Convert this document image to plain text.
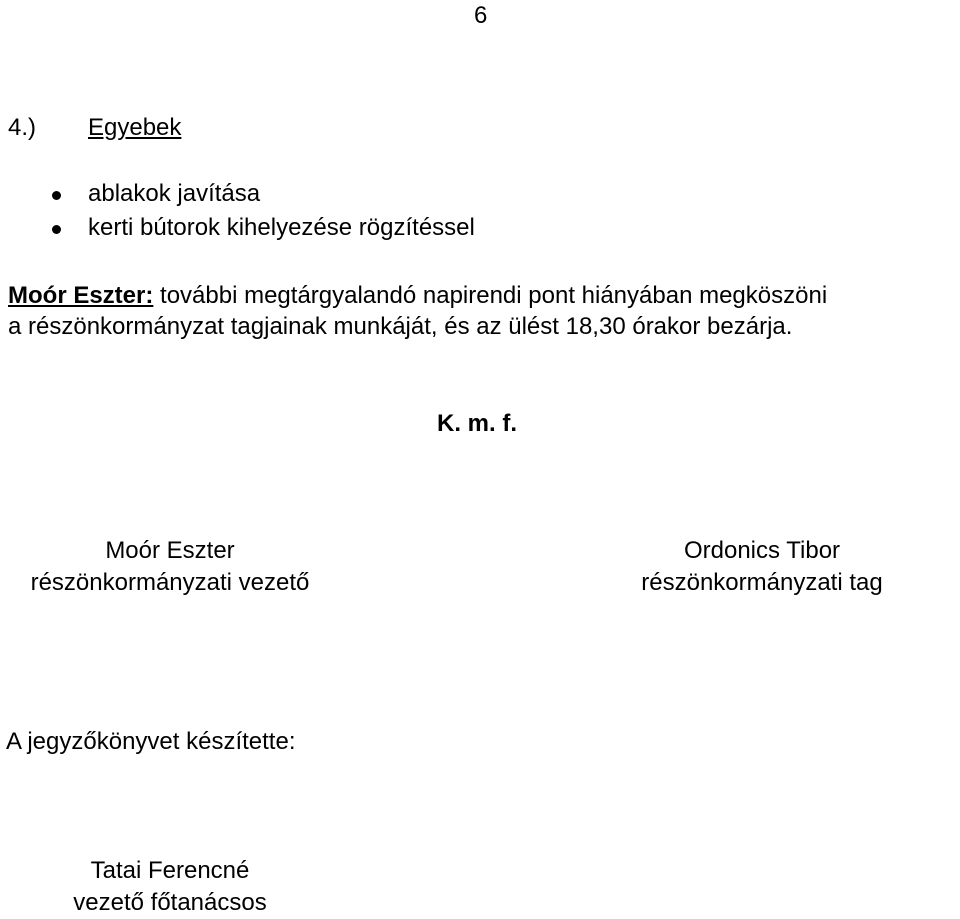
6
4.) Egyebek
ablakok javítása
kerti bútorok kihelyezése rögzítéssel
Moór Eszter: további megtárgyalandó napirendi pont hiányában megköszöni
a részönkormányzat tagjainak munkáját, és az ülést 18,30 órakor bezárja.
K. m. f.
Moór Eszter
részönkormányzati vezető
Ordonics Tibor
részönkormányzati tag
A jegyzőkönyvet készítette:
Tatai Ferencné
vezető főtanácsos
